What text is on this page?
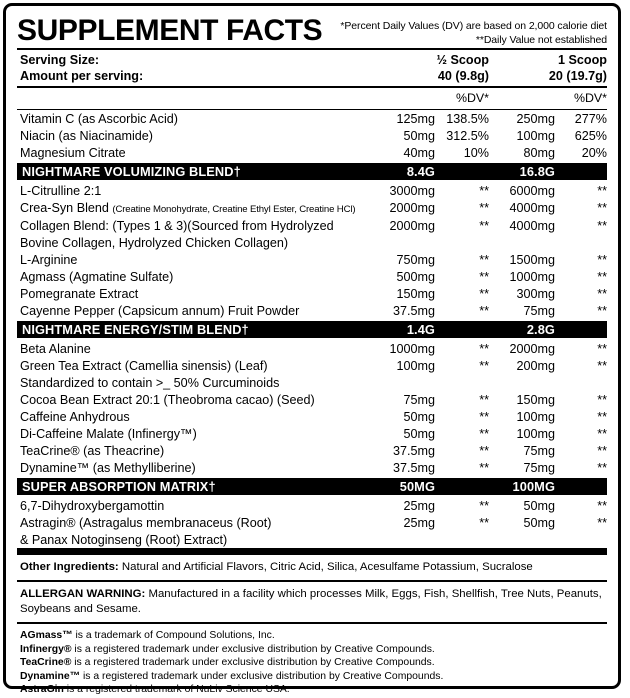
SUPPLEMENT FACTS *Percent Daily Values (DV) are based on 2,000 calorie diet
**Daily Value not established
Serving Size:	½ Scoop	1 Scoop
Amount per serving:	40 (9.8g)	20 (19.7g)
%DV*	%DV*
Vitamin C (as Ascorbic Acid)	125mg 138.5%	250mg	277%
Niacin (as Niacinamide)	50mg 312.5%	100mg	625%
Magnesium Citrate	40mg	10%	80mg	20%
NIGHTMARE VOLUMIZING BLEND†	8.4G	16.8G
L-Citrulline 2:1	3000mg	**	6000mg	**
Crea-Syn Blend (Creatine Monohydrate, Creatine Ethyl Ester, Creatine HCl)	2000mg	**	4000mg	**
Collagen Blend: (Types 1 & 3)(Sourced from Hydrolyzed	2000mg	**	4000mg	**
Bovine Collagen, Hydrolyzed Chicken Collagen)
L-Arginine	750mg	**	1500mg	**
Agmass (Agmatine Sulfate)	500mg	**	1000mg	**
Pomegranate Extract	150mg	**	300mg	**
Cayenne Pepper (Capsicum annum) Fruit Powder	37.5mg	**	75mg	**
NIGHTMARE ENERGY/STIM BLEND†	1.4G	2.8G
Beta Alanine	1000mg	**	2000mg	**
Green Tea Extract (Camellia sinensis) (Leaf)	100mg	**	200mg	**
Standardized to contain >_ 50% Curcuminoids
Cocoa Bean Extract 20:1 (Theobroma cacao) (Seed)	75mg	**	150mg	**
Caffeine Anhydrous	50mg	**	100mg	**
Di-Caffeine Malate (Infinergy™)	50mg	**	100mg	**
TeaCrine® (as Theacrine)	37.5mg	**	75mg	**
Dynamine™ (as Methylliberine)	37.5mg	**	75mg	**
SUPER ABSORPTION MATRIX†	50MG	100MG
6,7-Dihydroxybergamottin	25mg	**	50mg	**
Astragin® (Astragalus membranaceus (Root)	25mg	**	50mg	**
& Panax Notoginseng (Root) Extract)
Other Ingredients: Natural and Artificial Flavors, Citric Acid, Silica, Acesulfame Potassium, Sucralose
ALLERGAN WARNING: Manufactured in a facility which processes Milk, Eggs, Fish, Shellfish, Tree Nuts, Peanuts, Soybeans and Sesame.
AGmass™ is a trademark of Compound Solutions, Inc.
Infinergy® is a registered trademark under exclusive distribution by Creative Compounds.
TeaCrine® is a registered trademark under exclusive distribution by Creative Compounds.
Dynamine™ is a registered trademark under exclusive distribution by Creative Compounds.
AstraGin is a registered trademark of NuLiv Science USA.
